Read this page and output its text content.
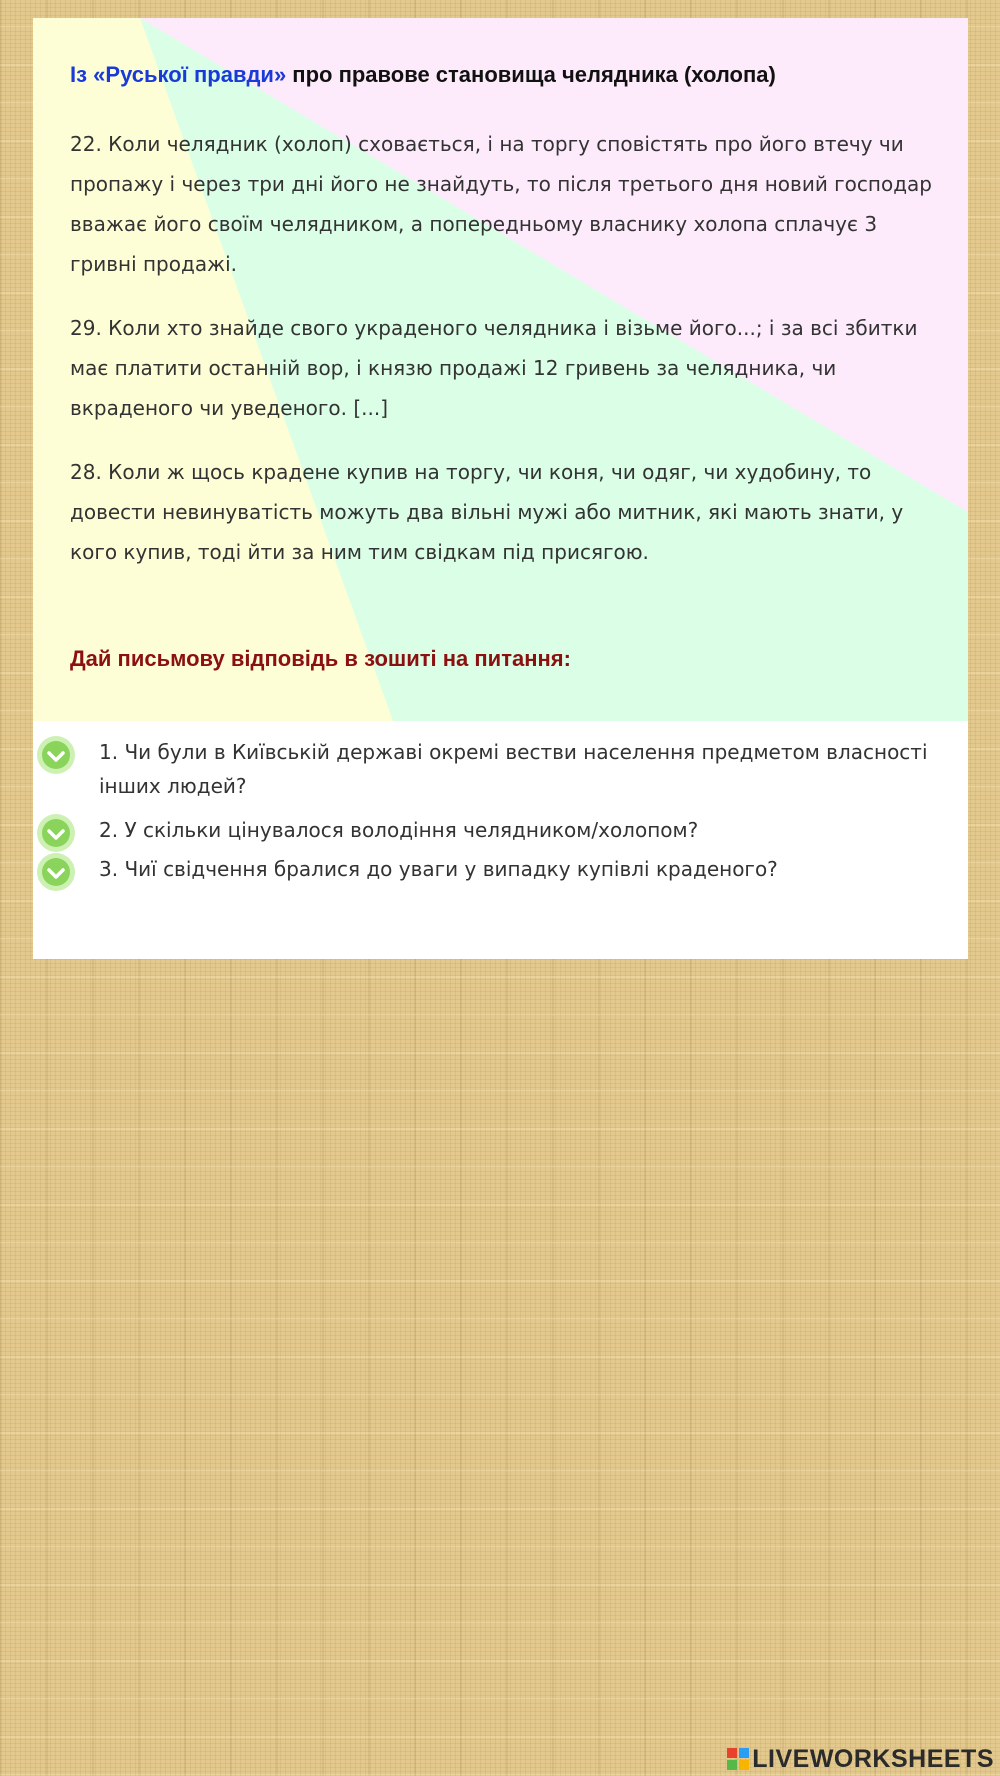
Із «Руської правди» про правове становища челядника (холопа)

22. Коли челядник (холоп) сховається, і на торгу сповістять про його втечу чи пропажу і через три дні його не знайдуть, то після третього дня новий господар вважає його своїм челядником, а попередньому власнику холопа сплачує 3 гривні продажі.

29. Коли хто знайде свого украденого челядника і візьме його...; і за всі збитки має платити останній вор, і князю продажі 12 гривень за челядника, чи вкраденого чи уведеного. [...]

28. Коли ж щось крадене купив на торгу, чи коня, чи одяг, чи худобину, то довести невинуватість можуть два вільні мужі або митник, які мають знати, у кого купив, тоді йти за ним тим свідкам під присягою.

Дай письмову відповідь в зошиті на питання:

1. Чи були в Київській державі окремі вестви населення предметом власності інших людей?
2. У скільки цінувалося володіння челядником/холопом?
3. Чиї свідчення бралися до уваги у випадку купівлі краденого?
LIVEWORKSHEETS
